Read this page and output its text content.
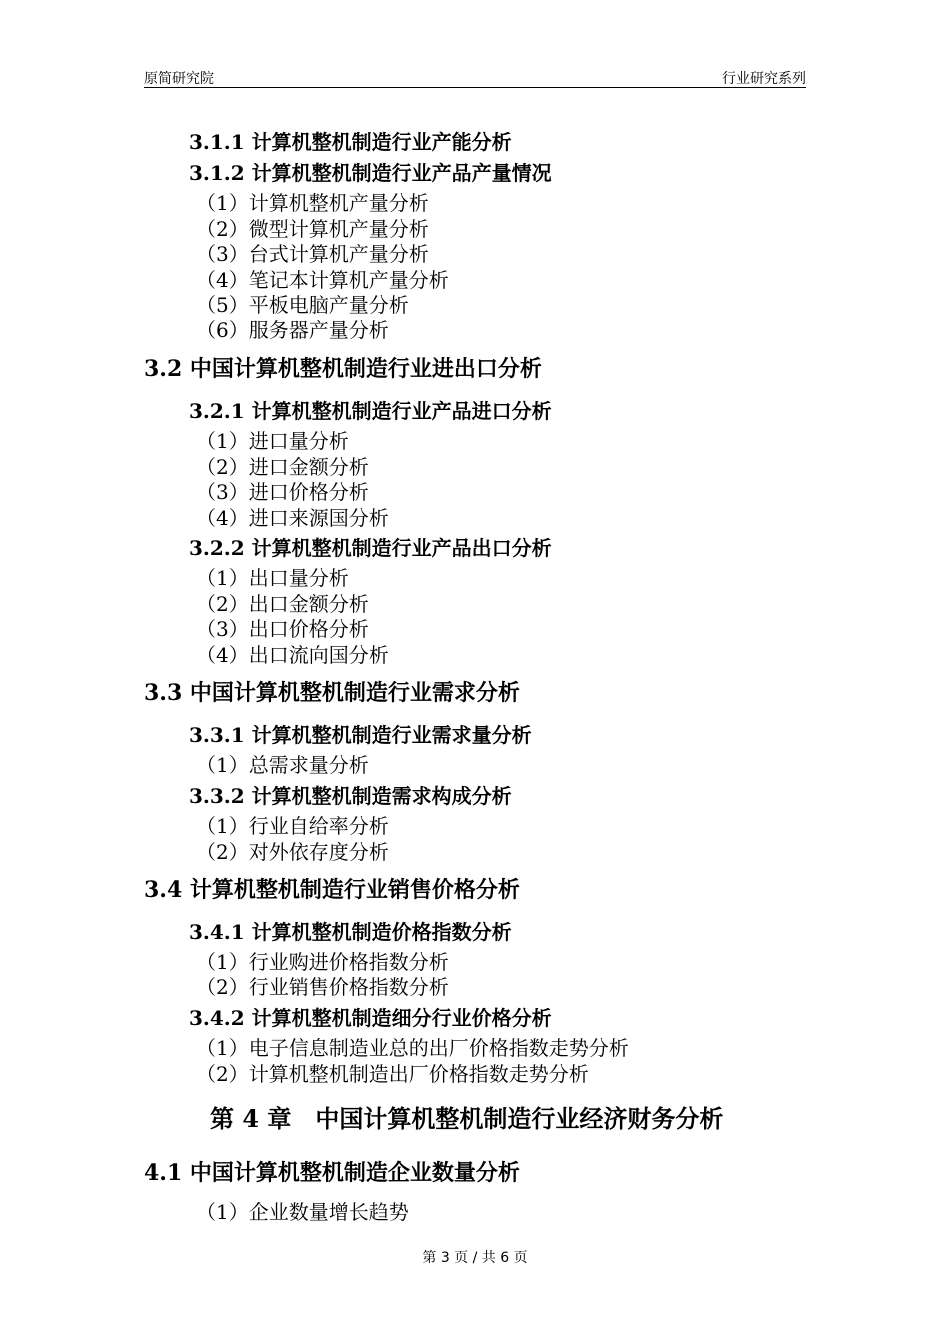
原简研究院	行业研究系列
3.1.1 计算机整机制造行业产能分析
3.1.2 计算机整机制造行业产品产量情况
（1）计算机整机产量分析
（2）微型计算机产量分析
（3）台式计算机产量分析
（4）笔记本计算机产量分析
（5）平板电脑产量分析
（6）服务器产量分析
3.2 中国计算机整机制造行业进出口分析
3.2.1 计算机整机制造行业产品进口分析
（1）进口量分析
（2）进口金额分析
（3）进口价格分析
（4）进口来源国分析
3.2.2 计算机整机制造行业产品出口分析
（1）出口量分析
（2）出口金额分析
（3）出口价格分析
（4）出口流向国分析
3.3 中国计算机整机制造行业需求分析
3.3.1 计算机整机制造行业需求量分析
（1）总需求量分析
3.3.2 计算机整机制造需求构成分析
（1）行业自给率分析
（2）对外依存度分析
3.4 计算机整机制造行业销售价格分析
3.4.1 计算机整机制造价格指数分析
（1）行业购进价格指数分析
（2）行业销售价格指数分析
3.4.2 计算机整机制造细分行业价格分析
（1）电子信息制造业总的出厂价格指数走势分析
（2）计算机整机制造出厂价格指数走势分析
第 4 章　中国计算机整机制造行业经济财务分析
4.1 中国计算机整机制造企业数量分析
（1）企业数量增长趋势
第 3 页 / 共 6 页
